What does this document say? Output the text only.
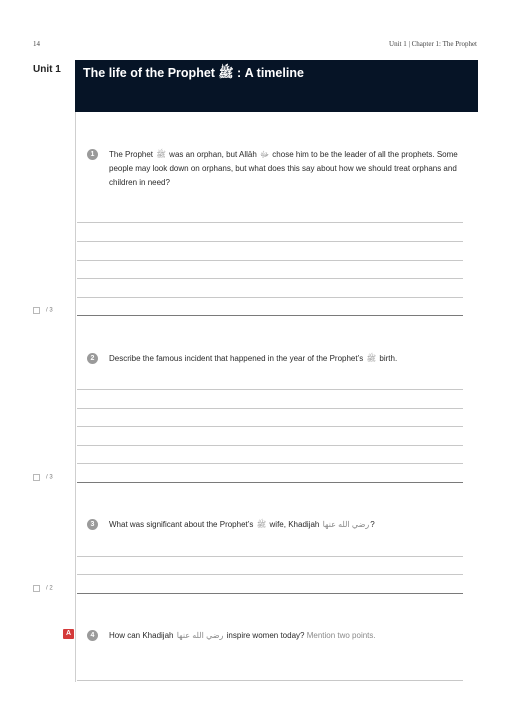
14	Unit 1 | Chapter 1: The Prophet
Unit 1 The life of the Prophet ﷺ : A timeline
1	The Prophet ﷺ was an orphan, but Allāh ﷻ chose him to be the leader of all the prophets. Some people may look down on orphans, but what does this say about how we should treat orphans and children in need?
/ 3
2	Describe the famous incident that happened in the year of the Prophet’s ﷺ birth.
/ 3
3	What was significant about the Prophet’s ﷺ wife, Khadijah رضي الله عنها?
/ 2
A	4	How can Khadijah رضي الله عنها inspire women today? Mention two points.
